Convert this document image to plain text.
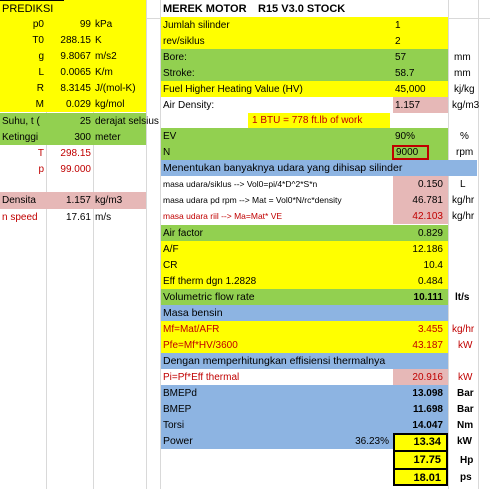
PREDIKSI
p0	99 kPa
T0	288.15 K
g	9.8067 m/s2
L	0.0065 K/m
R	8.3145 J/(mol-K)
M	0.029 kg/mol
Suhu, t (	25 derajat selsius
Ketinggi	300 meter
T	298.15
p	99.000
Densita	1.157 kg/m3
n speed	17.61 m/s
MEREK MOTOR	R15 V3.0 STOCK
Jumlah silinder	1
rev/siklus	2
Bore:	57	mm
Stroke:	58.7	mm
Fuel Higher Heating Value (HV)	45,000	kj/kg
Air Density:	1.157	kg/m3
1 BTU = 778 ft.lb of work
EV	90%	%
N	9000	rpm
Menentukan banyaknya udara yang dihisap silinder
masa udara/siklus --> Vol0=pi/4*D^2*S*n	0.150 L
masa udara pd rpm --> Mat = Vol0*N/rc*density	46.781 kg/hr
masa udara riil --> Ma=Mat* VE	42.103 kg/hr
Air factor	0.829
A/F	12.186
CR	10.4
Eff therm dgn 1.2828	0.484
Volumetric flow rate	10.111 lt/s
Masa bensin
Mf=Mat/AFR	3.455 kg/hr
Pfe=Mf*HV/3600	43.187 kW
Dengan memperhitungkan effisiensi thermalnya
Pi=Pf*Eff thermal	20.916 kW
BMEPd	13.098 Bar
BMEP	11.698 Bar
Torsi	14.047 Nm
Power	36.23%	13.34 kW
17.75 Hp
18.01 ps
